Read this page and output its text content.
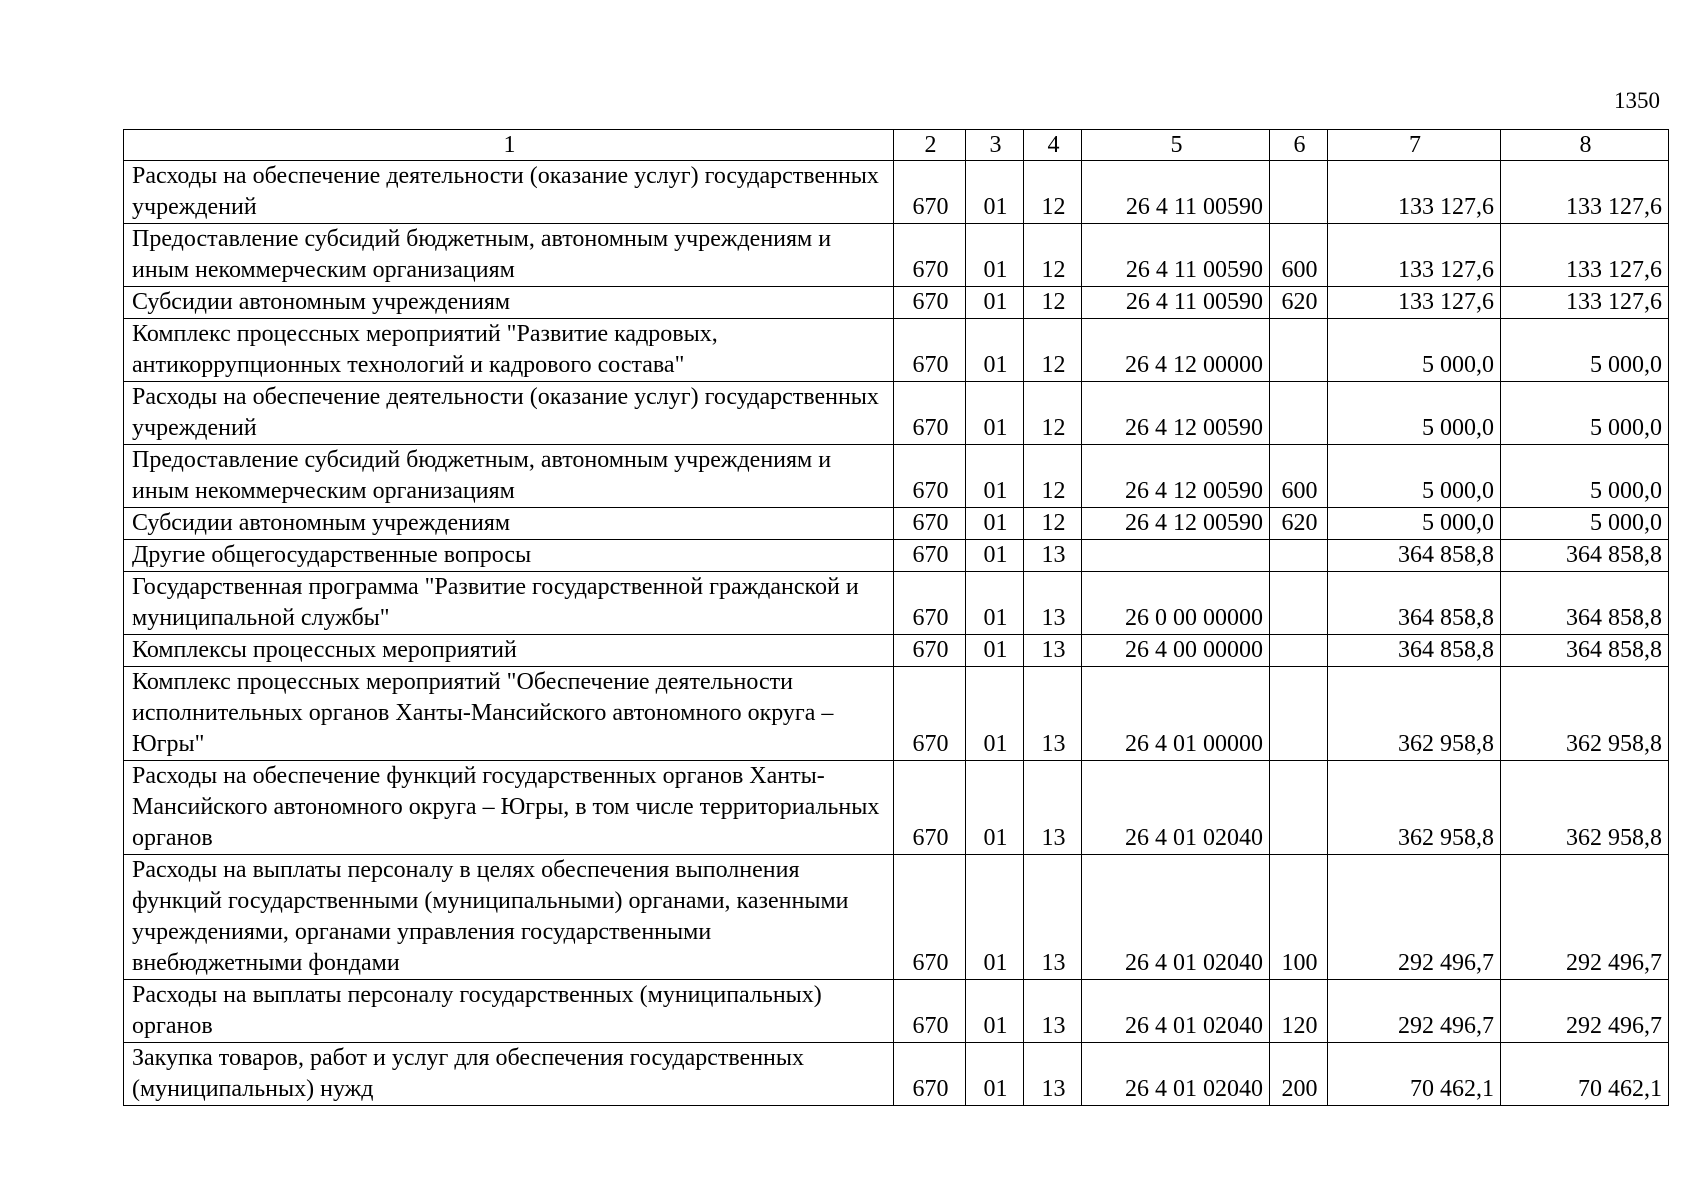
1350
1	2	3	4	5	6	7	8
Расходы на обеспечение деятельности (оказание услуг) государственных учреждений	670	01	12	26 4 11 00590		133 127,6	133 127,6
Предоставление субсидий бюджетным, автономным учреждениям и иным некоммерческим организациям	670	01	12	26 4 11 00590	600	133 127,6	133 127,6
Субсидии автономным учреждениям	670	01	12	26 4 11 00590	620	133 127,6	133 127,6
Комплекс процессных мероприятий "Развитие кадровых, антикоррупционных технологий и кадрового состава"	670	01	12	26 4 12 00000		5 000,0	5 000,0
Расходы на обеспечение деятельности (оказание услуг) государственных учреждений	670	01	12	26 4 12 00590		5 000,0	5 000,0
Предоставление субсидий бюджетным, автономным учреждениям и иным некоммерческим организациям	670	01	12	26 4 12 00590	600	5 000,0	5 000,0
Субсидии автономным учреждениям	670	01	12	26 4 12 00590	620	5 000,0	5 000,0
Другие общегосударственные вопросы	670	01	13			364 858,8	364 858,8
Государственная программа "Развитие государственной гражданской и муниципальной службы"	670	01	13	26 0 00 00000		364 858,8	364 858,8
Комплексы процессных мероприятий	670	01	13	26 4 00 00000		364 858,8	364 858,8
Комплекс процессных мероприятий "Обеспечение деятельности исполнительных органов Ханты-Мансийского автономного округа – Югры"	670	01	13	26 4 01 00000		362 958,8	362 958,8
Расходы на обеспечение функций государственных органов Ханты-Мансийского автономного округа – Югры, в том числе территориальных органов	670	01	13	26 4 01 02040		362 958,8	362 958,8
Расходы на выплаты персоналу в целях обеспечения выполнения функций государственными (муниципальными) органами, казенными учреждениями, органами управления государственными внебюджетными фондами	670	01	13	26 4 01 02040	100	292 496,7	292 496,7
Расходы на выплаты персоналу государственных (муниципальных) органов	670	01	13	26 4 01 02040	120	292 496,7	292 496,7
Закупка товаров, работ и услуг для обеспечения государственных (муниципальных) нужд	670	01	13	26 4 01 02040	200	70 462,1	70 462,1
